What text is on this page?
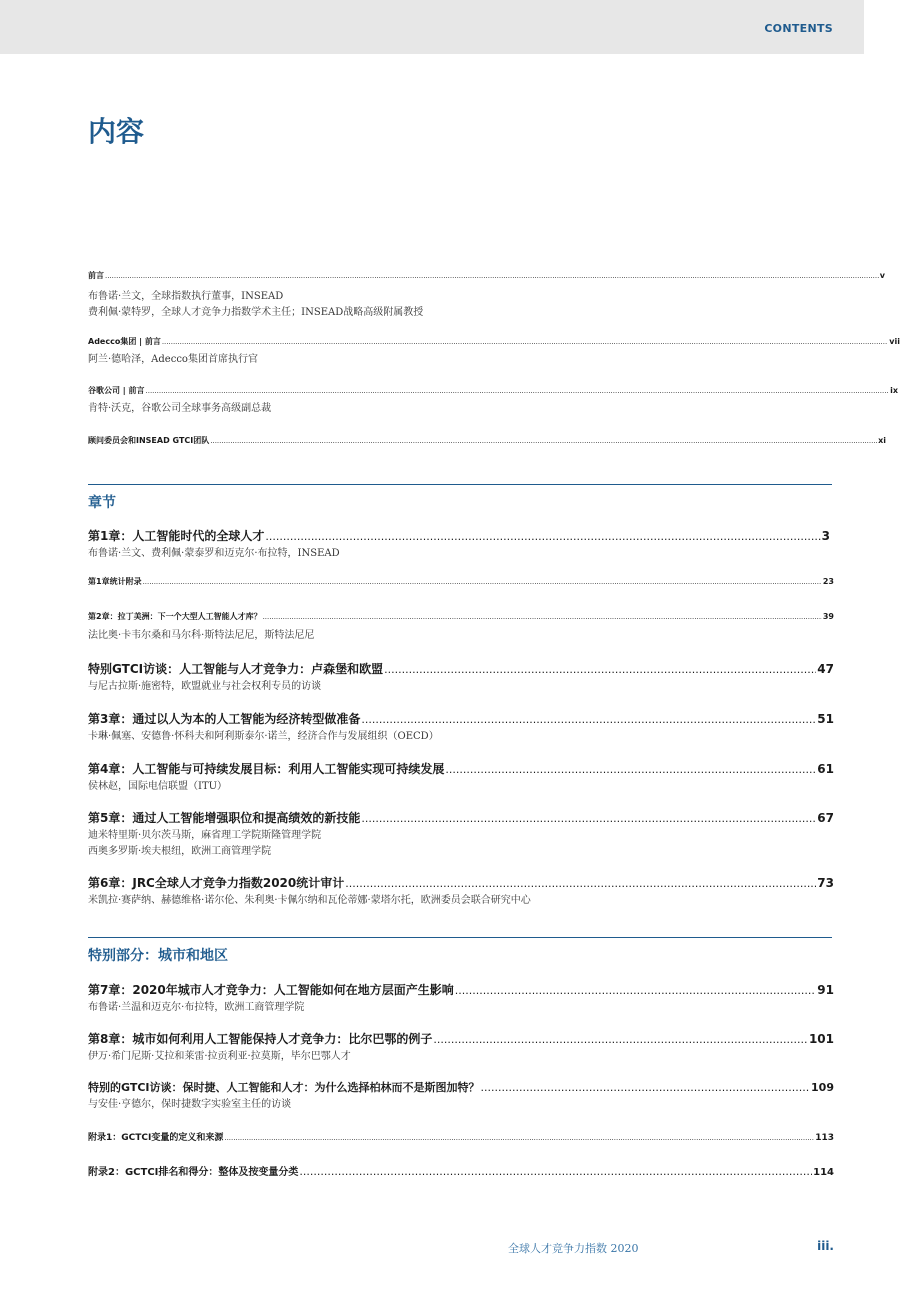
CONTENTS
内容
前言 .....	v
布鲁诺·兰文，全球指数执行董事，INSEAD
费利佩·蒙特罗，全球人才竞争力指数学术主任；INSEAD战略高级附属教授
Adecco集团 | 前言 .....	vii
阿兰·德哈泽，Adecco集团首席执行官
谷歌公司 | 前言 .....	ix
肯特·沃克，谷歌公司全球事务高级副总裁
顾问委员会和INSEAD GTCI团队 .....	xi
章节
第1章：人工智能时代的全球人才 .....	3
布鲁诺·兰文、费利佩·蒙泰罗和迈克尔·布拉特，INSEAD
第1章统计附录 .....	23
第2章：拉丁美洲：下一个大型人工智能人才库？ .....	39
法比奥·卡韦尔桑和马尔科·斯特法尼尼，斯特法尼尼
特别GTCI访谈：人工智能与人才竞争力：卢森堡和欧盟 .....	47
与尼古拉斯·施密特，欧盟就业与社会权利专员的访谈
第3章：通过以人为本的人工智能为经济转型做准备 .....	51
卡琳·佩塞、安德鲁·怀科夫和阿利斯泰尔·诺兰，经济合作与发展组织（OECD）
第4章：人工智能与可持续发展目标：利用人工智能实现可持续发展 .....	61
侯林赵，国际电信联盟（ITU）
第5章：通过人工智能增强职位和提高绩效的新技能 .....	67
迪米特里斯·贝尔茨马斯，麻省理工学院斯隆管理学院
西奥多罗斯·埃夫根纽，欧洲工商管理学院
第6章：JRC全球人才竞争力指数2020统计审计 .....	73
米凯拉·赛萨纳、赫德维格·诺尔伦、朱利奥·卡佩尔纳和瓦伦蒂娜·蒙塔尔托，欧洲委员会联合研究中心
特别部分：城市和地区
第7章：2020年城市人才竞争力：人工智能如何在地方层面产生影响 .....	91
布鲁诺·兰温和迈克尔·布拉特，欧洲工商管理学院
第8章：城市如何利用人工智能保持人才竞争力：比尔巴鄂的例子 .....	101
伊万·希门尼斯·艾拉和莱雷·拉贡利亚·拉莫斯，毕尔巴鄂人才
特别的GTCI访谈：保时捷、人工智能和人才：为什么选择柏林而不是斯图加特？ .....	109
与安佳·亨德尔，保时捷数字实验室主任的访谈
附录1：GCTCI变量的定义和来源 .....	113
附录2：GCTCI排名和得分：整体及按变量分类 .....	114
全球人才竞争力指数 2020	iii.
